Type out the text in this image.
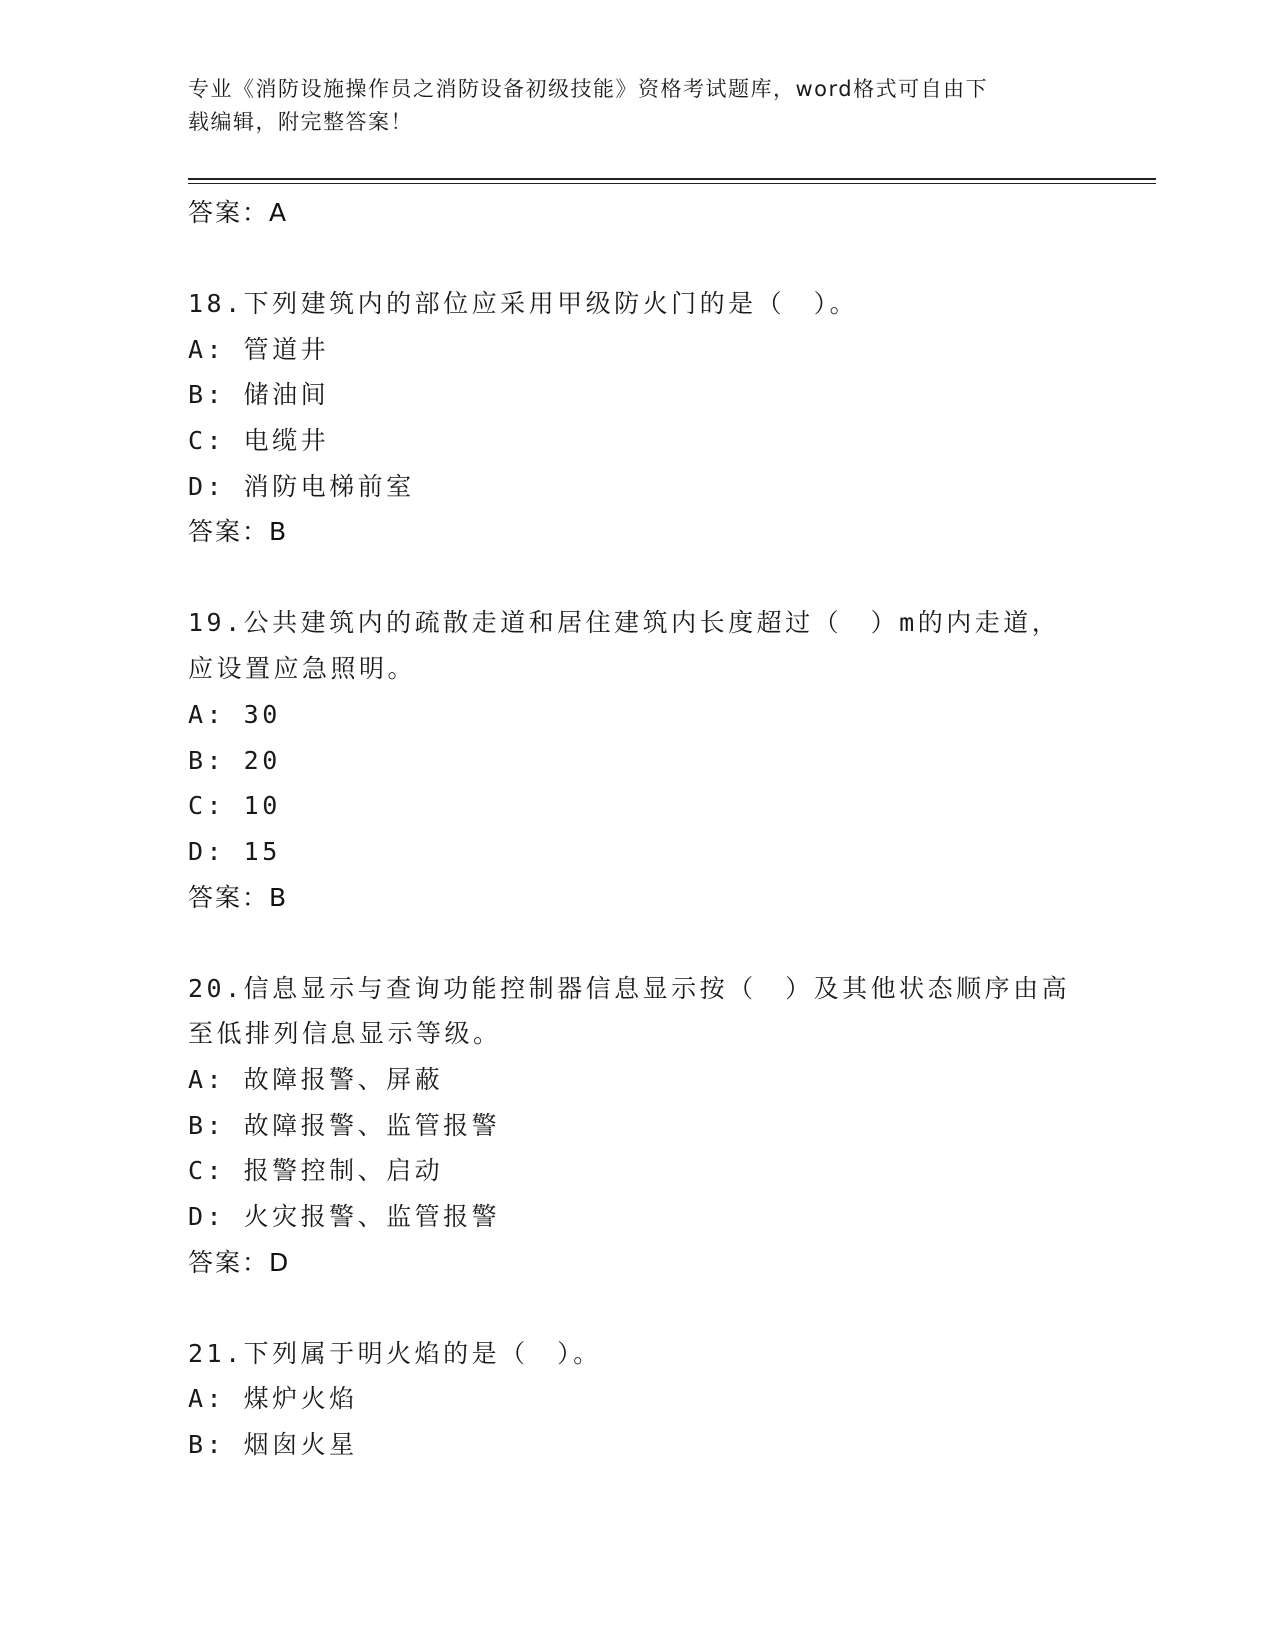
专业《消防设施操作员之消防设备初级技能》资格考试题库，word格式可自由下
载编辑，附完整答案！
答案：A
18.下列建筑内的部位应采用甲级防火门的是（　）。
A: 管道井
B: 储油间
C: 电缆井
D: 消防电梯前室
答案：B
19.公共建筑内的疏散走道和居住建筑内长度超过（　）m的内走道，
应设置应急照明。
A: 30
B: 20
C: 10
D: 15
答案：B
20.信息显示与查询功能控制器信息显示按（　）及其他状态顺序由高
至低排列信息显示等级。
A: 故障报警、屏蔽
B: 故障报警、监管报警
C: 报警控制、启动
D: 火灾报警、监管报警
答案：D
21.下列属于明火焰的是（　）。
A: 煤炉火焰
B: 烟囱火星
